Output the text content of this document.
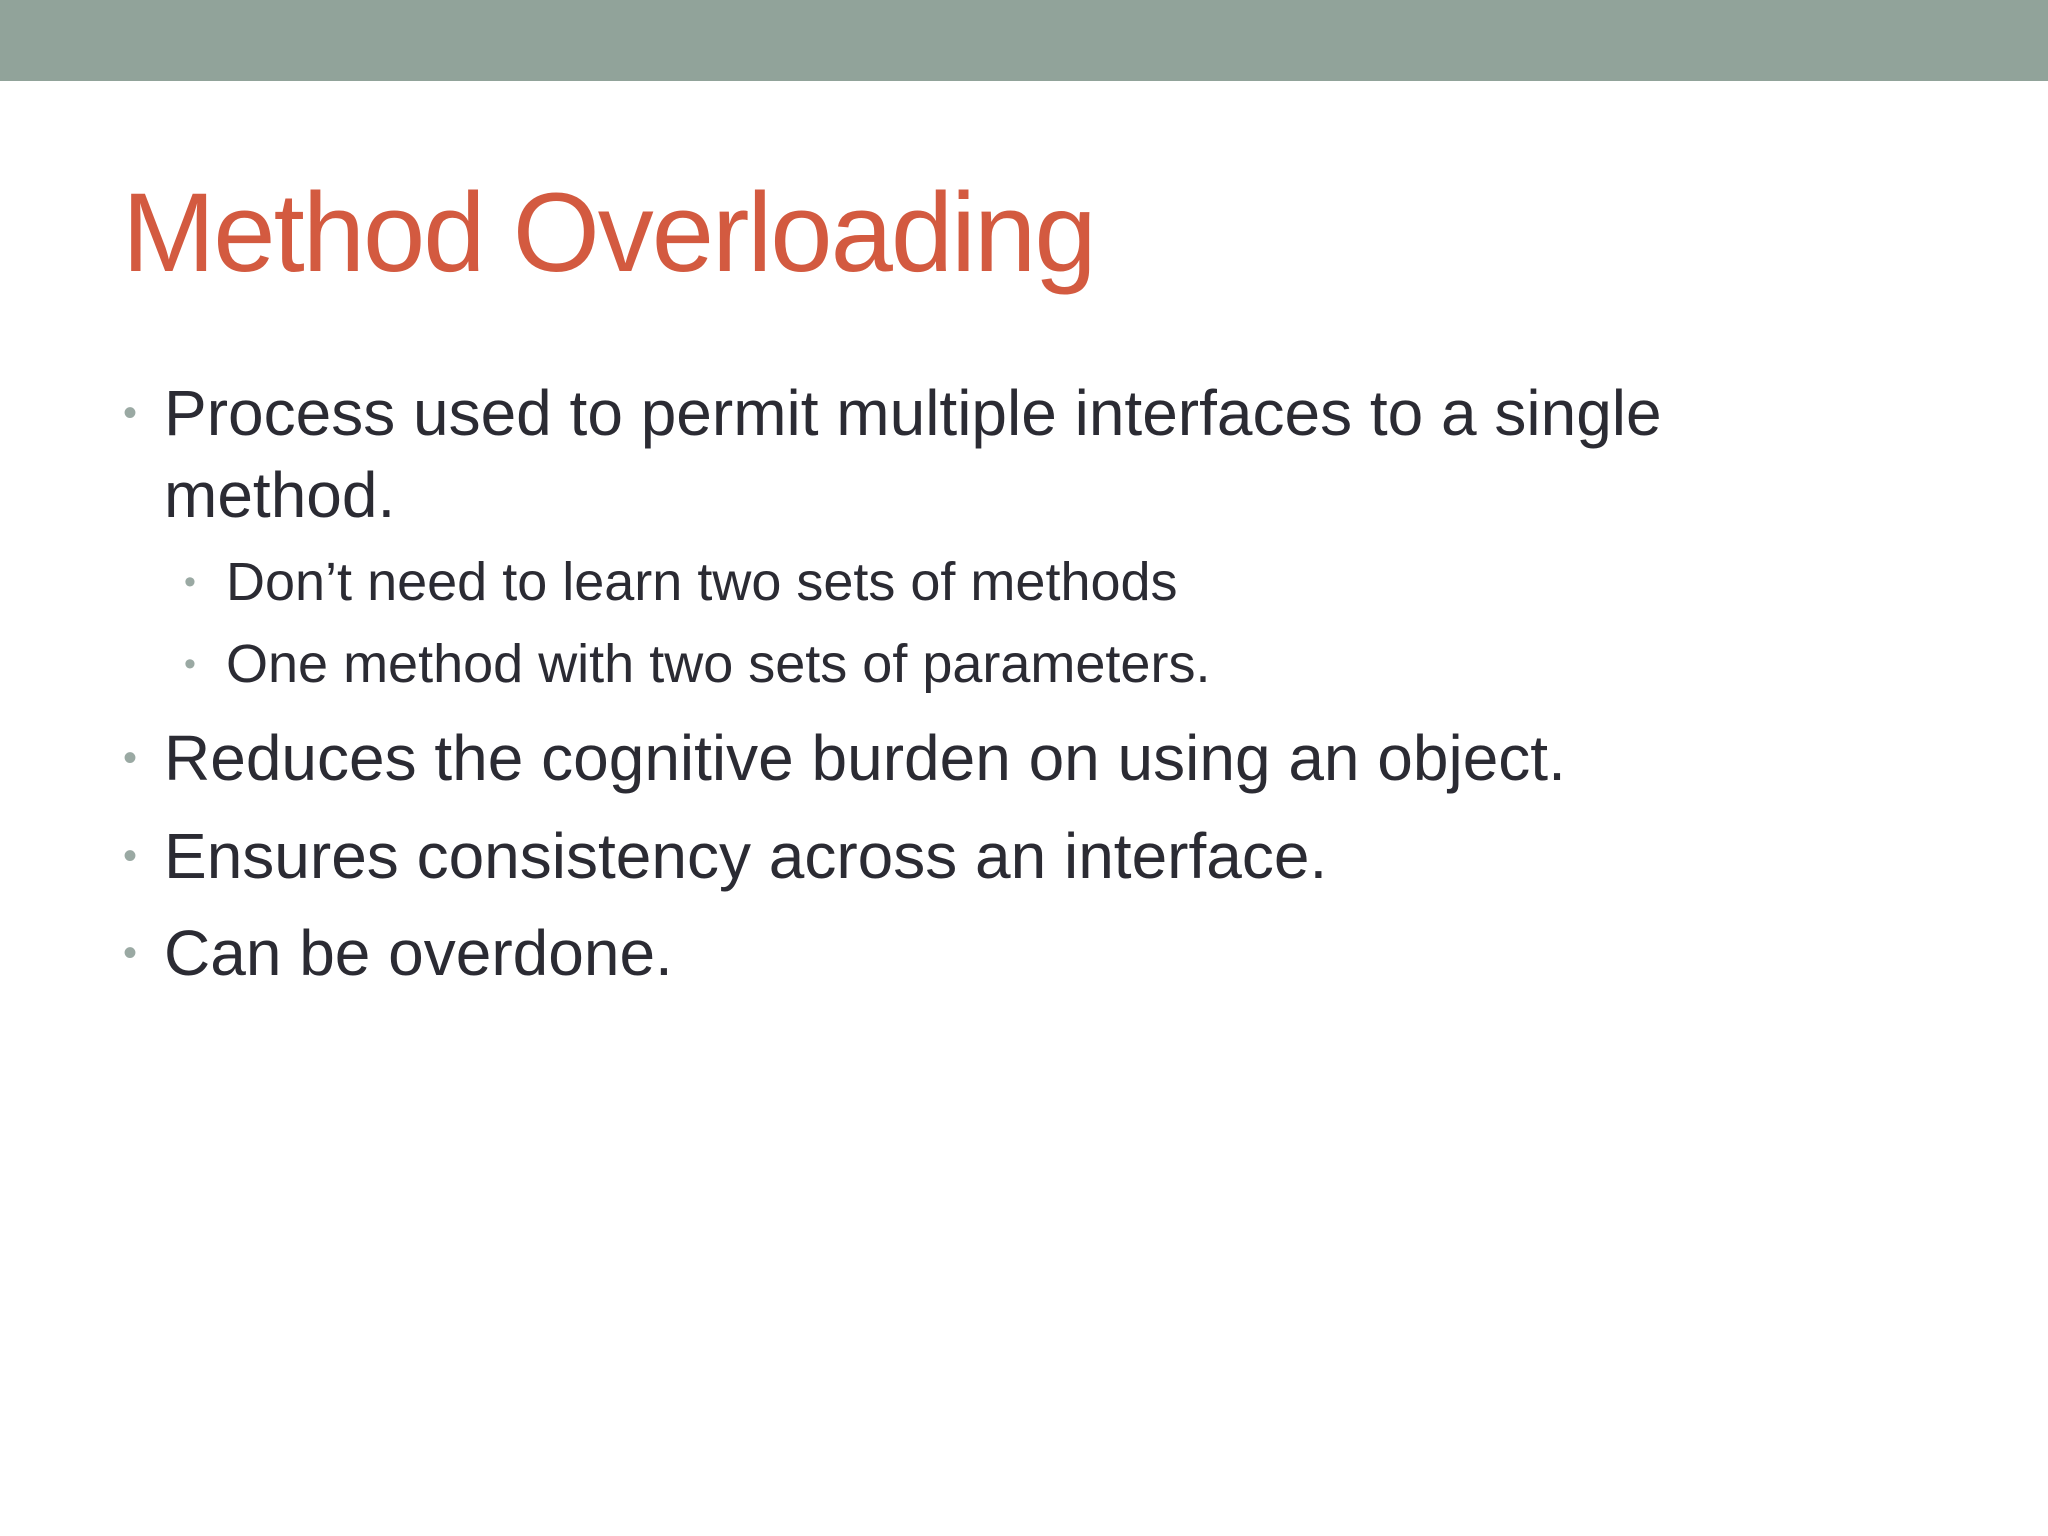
Method Overloading
• Process used to permit multiple interfaces to a single
method.
• Don’t need to learn two sets of methods
• One method with two sets of parameters.
• Reduces the cognitive burden on using an object.
• Ensures consistency across an interface.
• Can be overdone.
